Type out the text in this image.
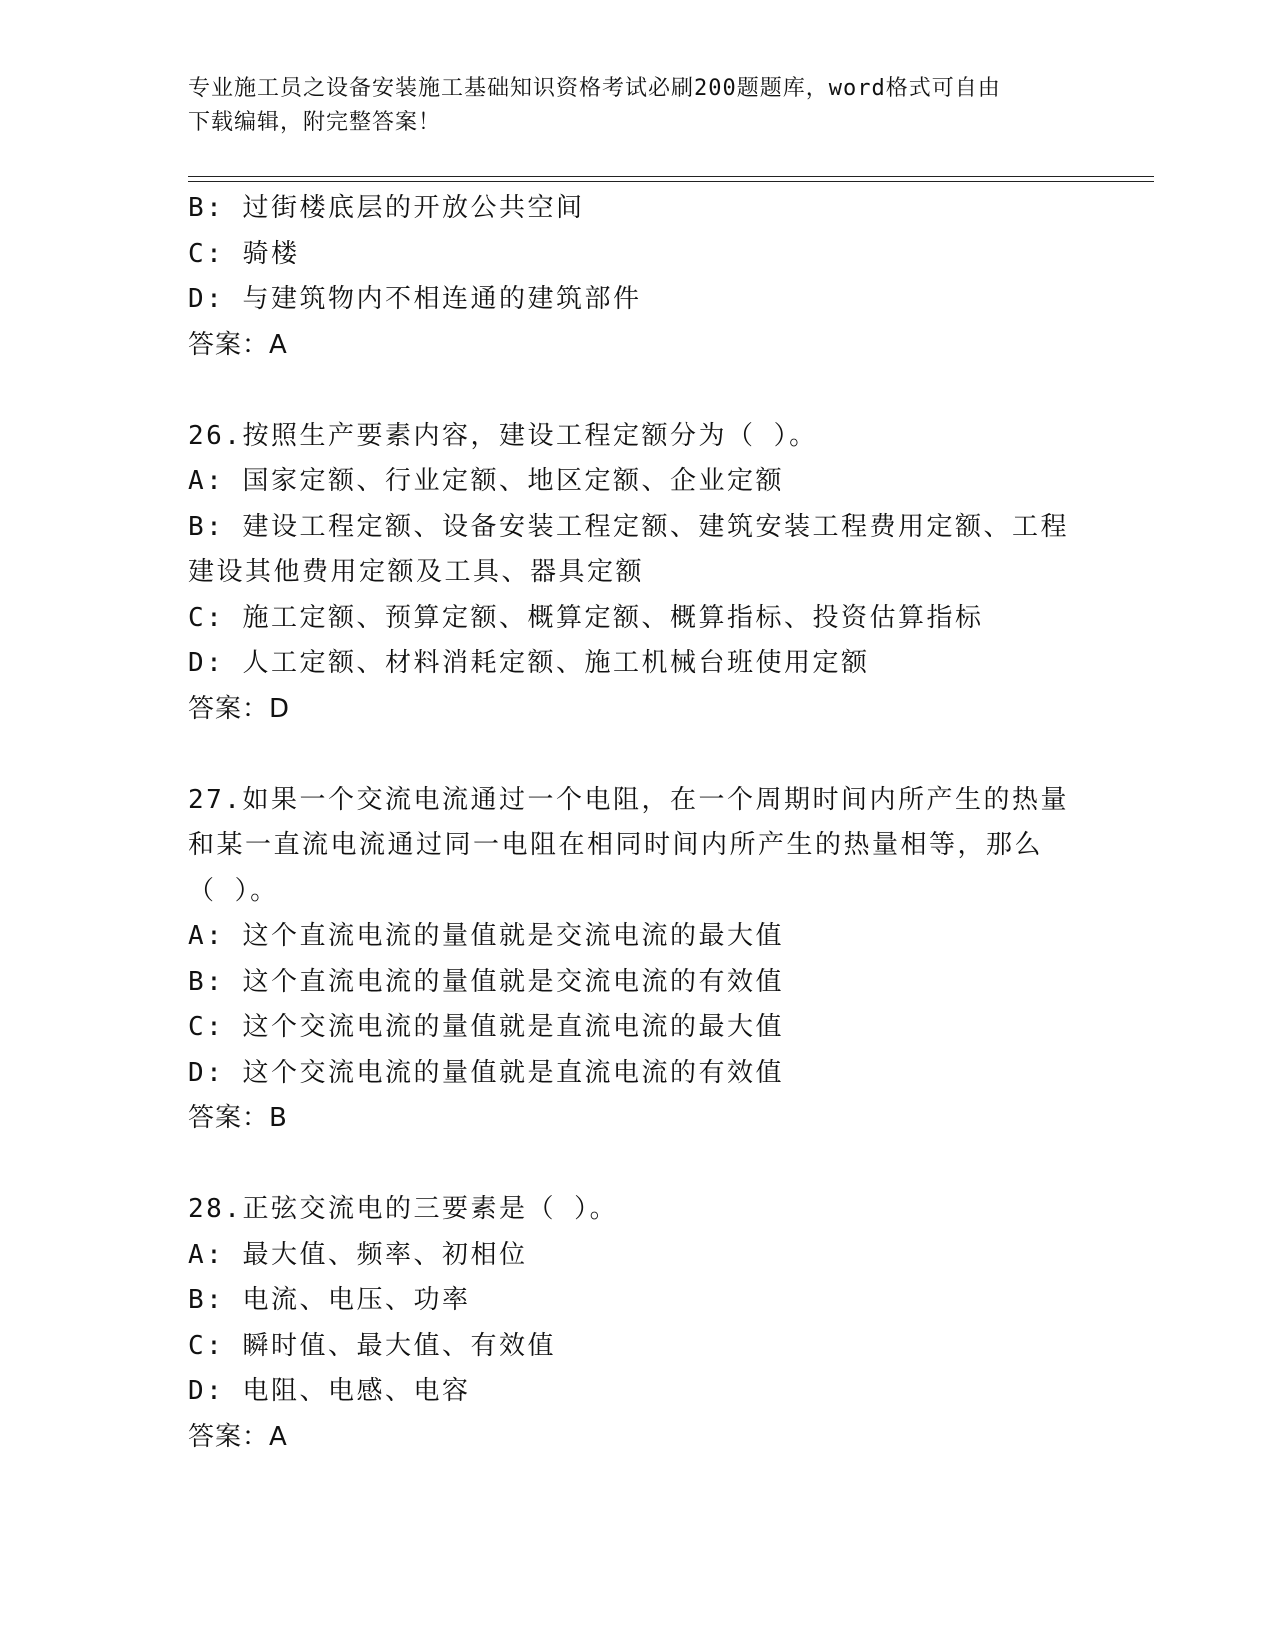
专业施工员之设备安装施工基础知识资格考试必刷200题题库，word格式可自由
下载编辑，附完整答案！
B: 过街楼底层的开放公共空间
C: 骑楼
D: 与建筑物内不相连通的建筑部件
答案：A
26.按照生产要素内容，建设工程定额分为（ ）。
A: 国家定额、行业定额、地区定额、企业定额
B: 建设工程定额、设备安装工程定额、建筑安装工程费用定额、工程
建设其他费用定额及工具、器具定额
C: 施工定额、预算定额、概算定额、概算指标、投资估算指标
D: 人工定额、材料消耗定额、施工机械台班使用定额
答案：D
27.如果一个交流电流通过一个电阻，在一个周期时间内所产生的热量
和某一直流电流通过同一电阻在相同时间内所产生的热量相等，那么
（ ）。
A: 这个直流电流的量值就是交流电流的最大值
B: 这个直流电流的量值就是交流电流的有效值
C: 这个交流电流的量值就是直流电流的最大值
D: 这个交流电流的量值就是直流电流的有效值
答案：B
28.正弦交流电的三要素是（ ）。
A: 最大值、频率、初相位
B: 电流、电压、功率
C: 瞬时值、最大值、有效值
D: 电阻、电感、电容
答案：A
